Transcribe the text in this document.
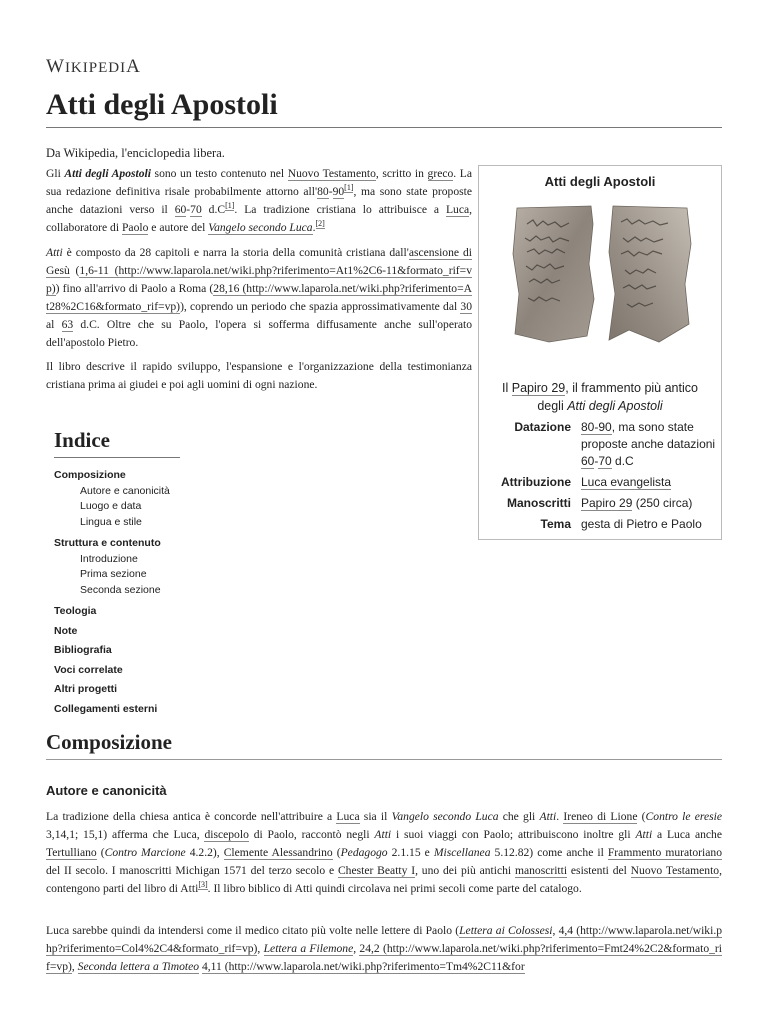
WIKIPEDIA
Atti degli Apostoli
Da Wikipedia, l'enciclopedia libera.

Gli Atti degli Apostoli sono un testo contenuto nel Nuovo Testamento, scritto in greco. La sua redazione definitiva risale probabilmente attorno all'80-90[1], ma sono state proposte anche datazioni verso il 60-70 d.C[1]. La tradizione cristiana lo attribuisce a Luca, collaboratore di Paolo e autore del Vangelo secondo Luca.[2]

Atti è composto da 28 capitoli e narra la storia della comunità cristiana dall'ascensione di Gesù (1,6-11 (http://www.laparola.net/wiki.php?riferimento=At1%2C6-11&formato_rif=vp)) fino all'arrivo di Paolo a Roma (28,16 (http://www.laparola.net/wiki.php?riferimento=At28%2C16&formato_rif=vp)), coprendo un periodo che spazia approssimativamente dal 30 al 63 d.C. Oltre che su Paolo, l'opera si sofferma diffusamente anche sull'operato dell'apostolo Pietro.

Il libro descrive il rapido sviluppo, l'espansione e l'organizzazione della testimonianza cristiana prima ai giudei e poi agli uomini di ogni nazione.

Atti degli Apostoli
Il Papiro 29, il frammento più antico degli Atti degli Apostoli
Datazione 80-90, ma sono state proposte anche datazioni 60-70 d.C
Attribuzione Luca evangelista
Manoscritti Papiro 29 (250 circa)
Tema gesta di Pietro e Paolo
Indice
Composizione
Autore e canonicità
Luogo e data
Lingua e stile
Struttura e contenuto
Introduzione
Prima sezione
Seconda sezione
Teologia
Note
Bibliografia
Voci correlate
Altri progetti
Collegamenti esterni
Composizione
Autore e canonicità

La tradizione della chiesa antica è concorde nell'attribuire a Luca sia il Vangelo secondo Luca che gli Atti. Ireneo di Lione (Contro le eresie 3,14,1; 15,1) afferma che Luca, discepolo di Paolo, raccontò negli Atti i suoi viaggi con Paolo; attribuiscono inoltre gli Atti a Luca anche Tertulliano (Contro Marcione 4.2.2), Clemente Alessandrino (Pedagogo 2.1.15 e Miscellanea 5.12.82) come anche il Frammento muratoriano del II secolo. I manoscritti Michigan 1571 del terzo secolo e Chester Beatty I, uno dei più antichi manoscritti esistenti del Nuovo Testamento, contengono parti del libro di Atti[3]. Il libro biblico di Atti quindi circolava nei primi secoli come parte del catalogo.

Luca sarebbe quindi da intendersi come il medico citato più volte nelle lettere di Paolo (Lettera ai Colossesi, 4,4 (http://www.laparola.net/wiki.php?riferimento=Col4%2C4&formato_rif=vp), Lettera a Filemone, 24,2 (http://www.laparola.net/wiki.php?riferimento=Fmt24%2C2&formato_rif=vp), Seconda lettera a Timoteo 4,11 (http://www.laparola.net/wiki.php?riferimento=Tm4%2C11&for
